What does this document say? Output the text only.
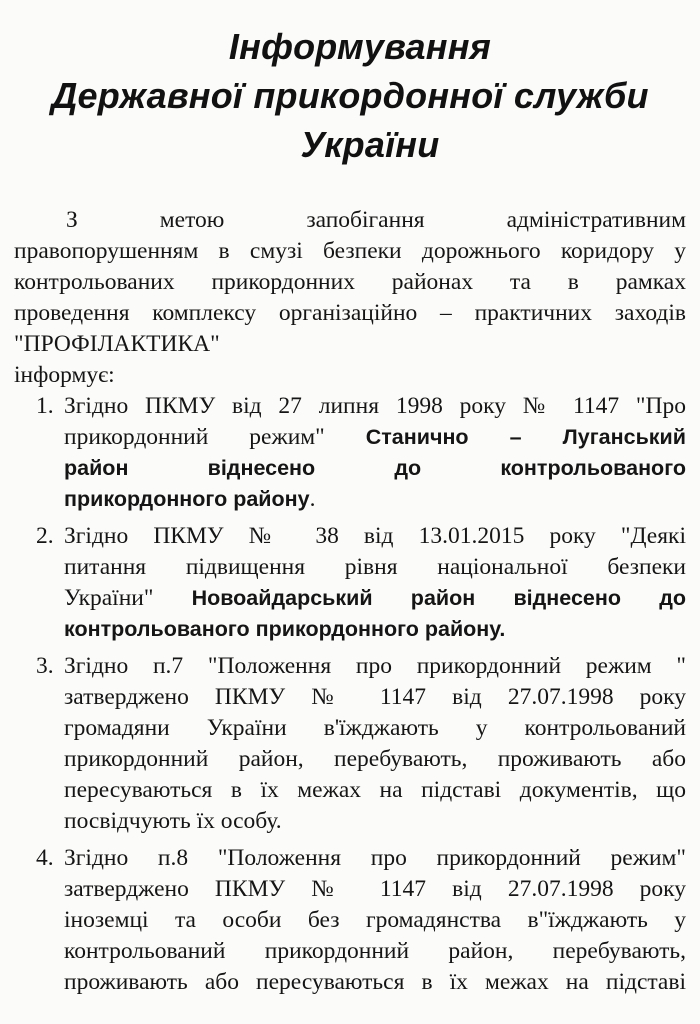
Інформування
Державної прикордонної служби
України
З метою запобігання адміністративним
правопорушенням в смузі безпеки дорожнього коридору у
контрольованих прикордонних районах та в рамках
проведення комплексу організаційно – практичних заходів
"ПРОФІЛАКТИКА"
інформує:
1. Згідно ПКМУ від 27 липня 1998 року № 1147 "Про
прикордонний режим" Станично – Луганський
район віднесено до контрольованого
прикордонного району.
2. Згідно ПКМУ № 38 від 13.01.2015 року "Деякі
питання підвищення рівня національної безпеки
України" Новоайдарський район віднесено до
контрольованого прикордонного району.
3. Згідно п.7 "Положення про прикордонний режим "
затверджено ПКМУ № 1147 від 27.07.1998 року
громадяни України в'їжджають у контрольований
прикордонний район, перебувають, проживають або
пересуваються в їх межах на підставі документів, що
посвідчують їх особу.
4. Згідно п.8 "Положення про прикордонний режим"
затверджено ПКМУ № 1147 від 27.07.1998 року
іноземці та особи без громадянства в"їжджають у
контрольований прикордонний район, перебувають,
проживають або пересуваються в їх межах на підставі
